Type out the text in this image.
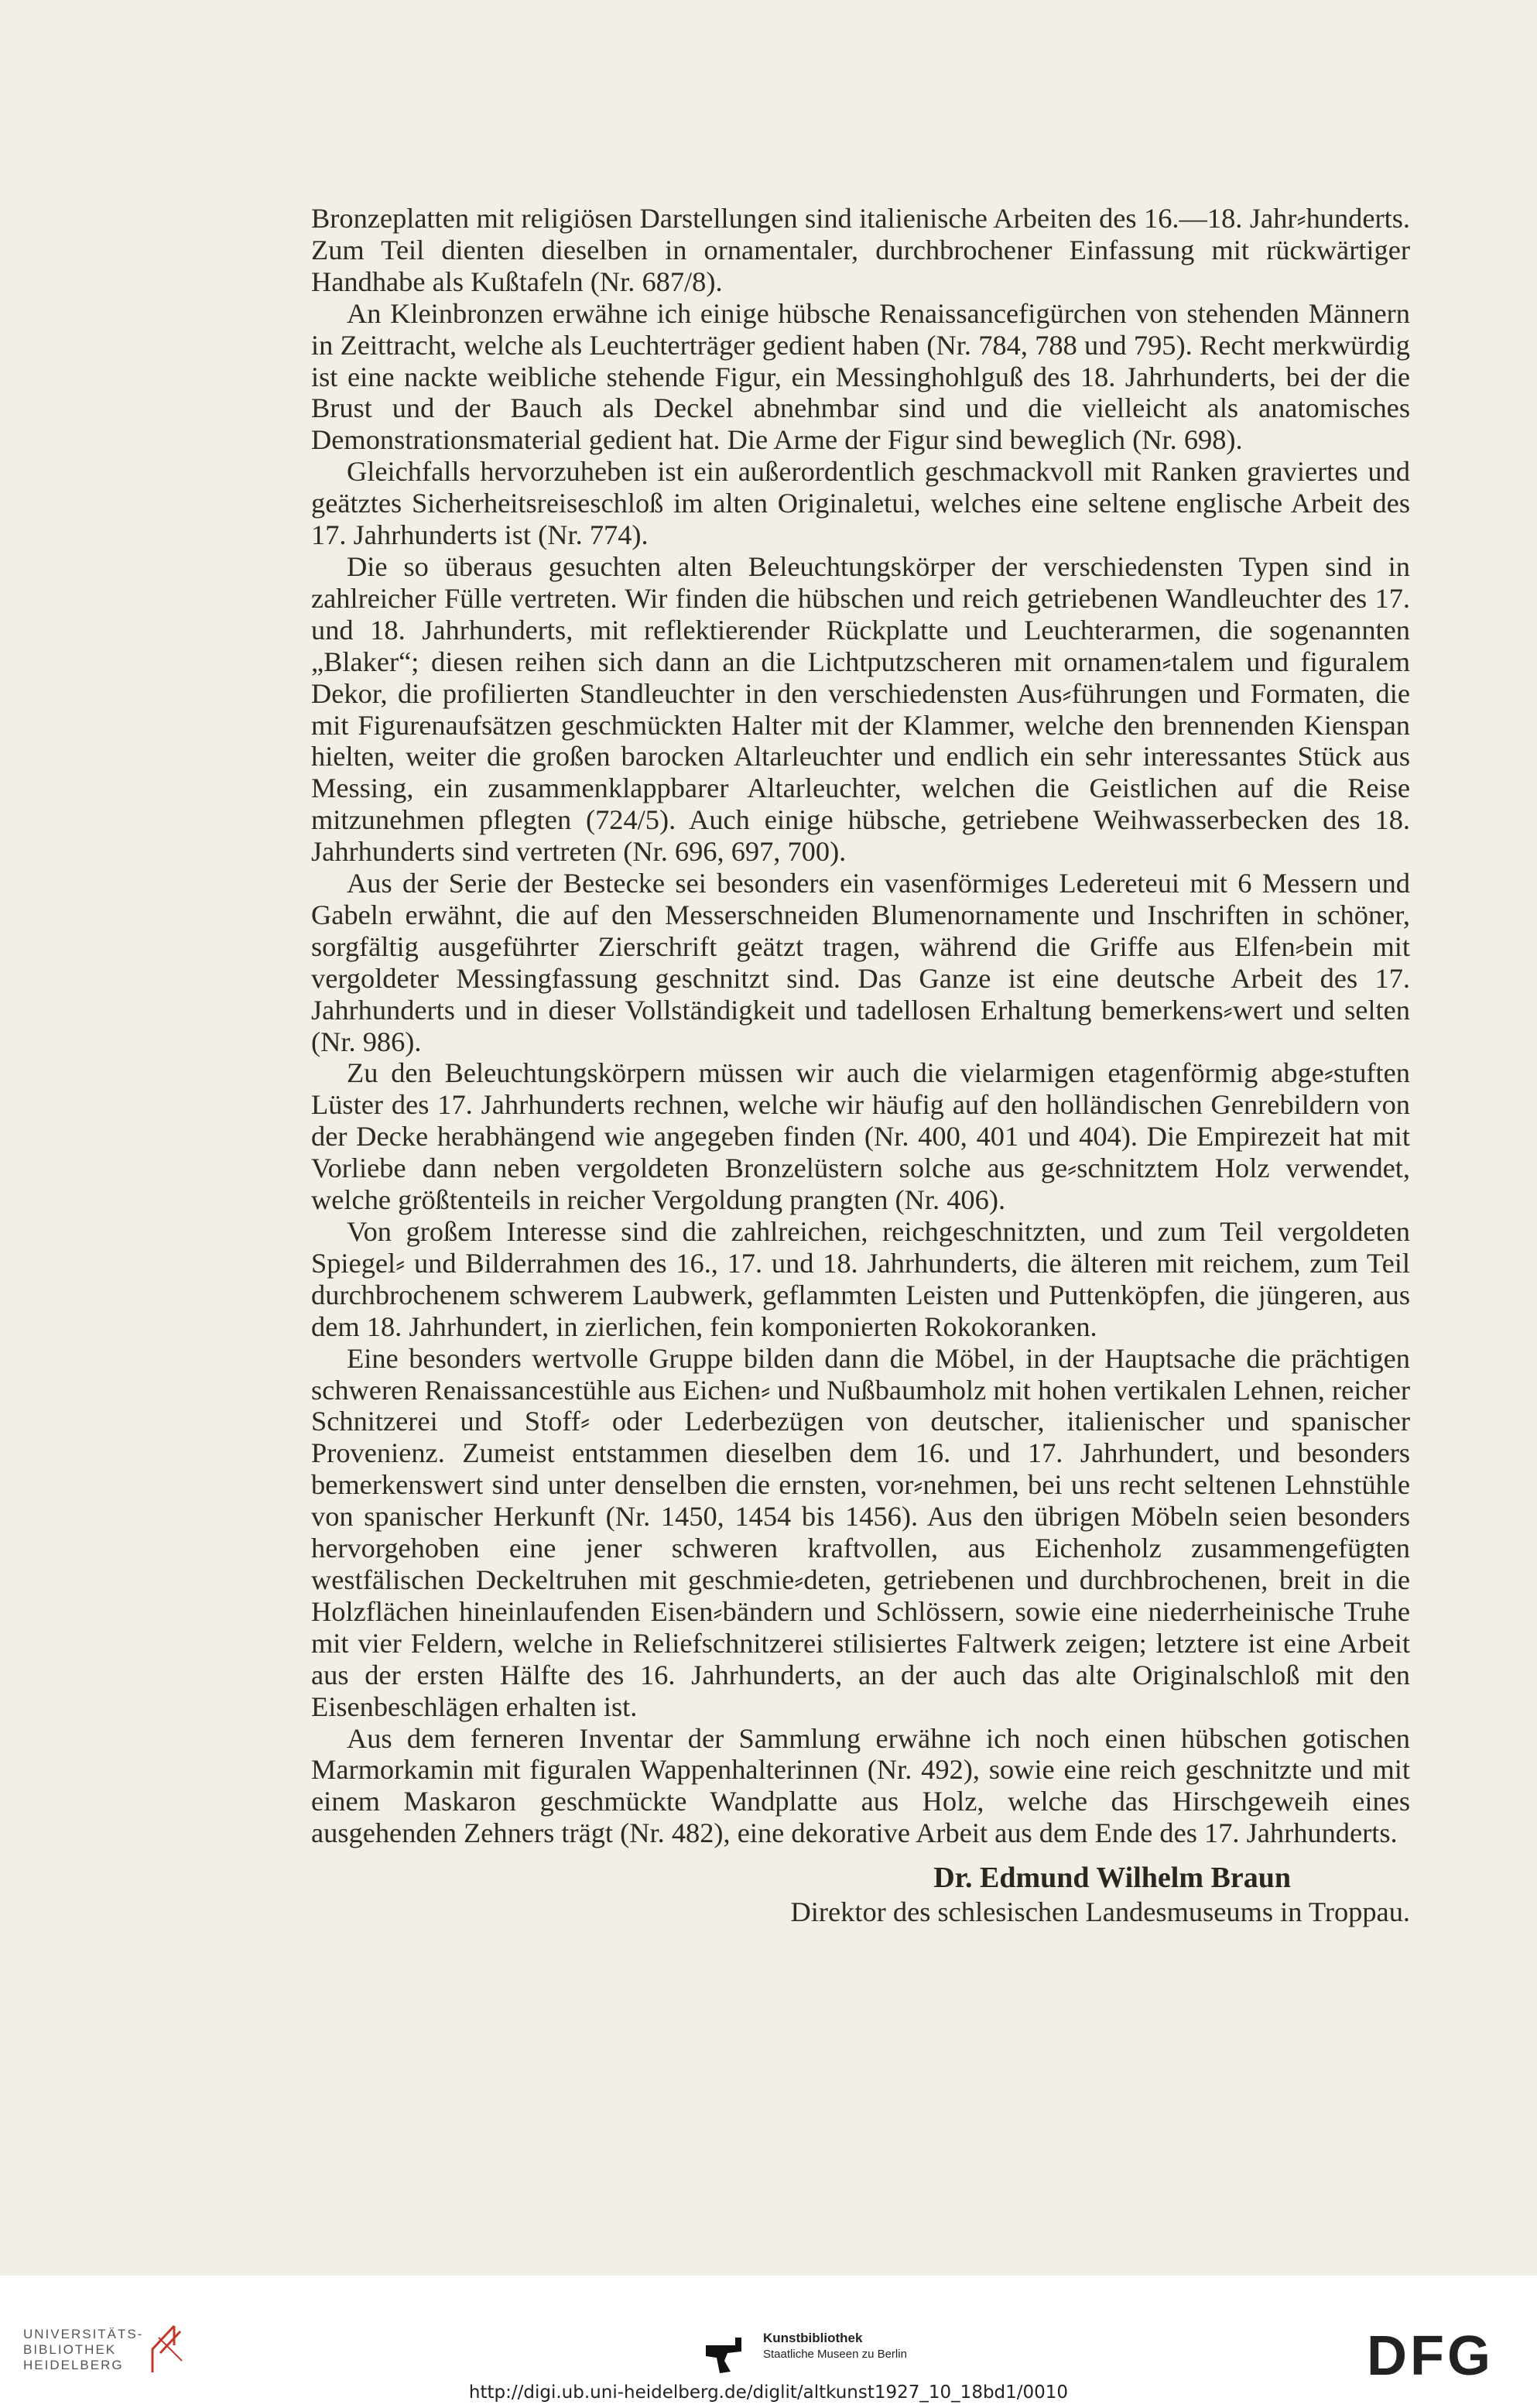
Bronzeplatten mit religiösen Darstellungen sind italienische Arbeiten des 16.—18. Jahr⸗hunderts. Zum Teil dienten dieselben in ornamentaler, durchbrochener Einfassung mit rückwärtiger Handhabe als Kußtafeln (Nr. 687/8).

An Kleinbronzen erwähne ich einige hübsche Renaissancefigürchen von stehenden Männern in Zeittracht, welche als Leuchterträger gedient haben (Nr. 784, 788 und 795). Recht merkwürdig ist eine nackte weibliche stehende Figur, ein Messinghohlguß des 18. Jahrhunderts, bei der die Brust und der Bauch als Deckel abnehmbar sind und die vielleicht als anatomisches Demonstrationsmaterial gedient hat. Die Arme der Figur sind beweglich (Nr. 698).

Gleichfalls hervorzuheben ist ein außerordentlich geschmackvoll mit Ranken graviertes und geätztes Sicherheitsreiseschloß im alten Originaletui, welches eine seltene englische Arbeit des 17. Jahrhunderts ist (Nr. 774).

Die so überaus gesuchten alten Beleuchtungskörper der verschiedensten Typen sind in zahlreicher Fülle vertreten. Wir finden die hübschen und reich getriebenen Wandleuchter des 17. und 18. Jahrhunderts, mit reflektierender Rückplatte und Leuchterarmen, die sogenannten „Blaker“; diesen reihen sich dann an die Lichtputzscheren mit ornamen⸗talem und figuralem Dekor, die profilierten Standleuchter in den verschiedensten Aus⸗führungen und Formaten, die mit Figurenaufsätzen geschmückten Halter mit der Klammer, welche den brennenden Kienspan hielten, weiter die großen barocken Altarleuchter und endlich ein sehr interessantes Stück aus Messing, ein zusammenklappbarer Altarleuchter, welchen die Geistlichen auf die Reise mitzunehmen pflegten (724/5). Auch einige hübsche, getriebene Weihwasserbecken des 18. Jahrhunderts sind vertreten (Nr. 696, 697, 700).

Aus der Serie der Bestecke sei besonders ein vasenförmiges Ledereteui mit 6 Messern und Gabeln erwähnt, die auf den Messerschneiden Blumenornamente und Inschriften in schöner, sorgfältig ausgeführter Zierschrift geätzt tragen, während die Griffe aus Elfen⸗bein mit vergoldeter Messingfassung geschnitzt sind. Das Ganze ist eine deutsche Arbeit des 17. Jahrhunderts und in dieser Vollständigkeit und tadellosen Erhaltung bemerkens⸗wert und selten (Nr. 986).

Zu den Beleuchtungskörpern müssen wir auch die vielarmigen etagenförmig abge⸗stuften Lüster des 17. Jahrhunderts rechnen, welche wir häufig auf den holländischen Genrebildern von der Decke herabhängend wie angegeben finden (Nr. 400, 401 und 404). Die Empirezeit hat mit Vorliebe dann neben vergoldeten Bronzelüstern solche aus ge⸗schnitztem Holz verwendet, welche größtenteils in reicher Vergoldung prangten (Nr. 406).

Von großem Interesse sind die zahlreichen, reichgeschnitzten, und zum Teil vergoldeten Spiegel⸗ und Bilderrahmen des 16., 17. und 18. Jahrhunderts, die älteren mit reichem, zum Teil durchbrochenem schwerem Laubwerk, geflammten Leisten und Puttenköpfen, die jüngeren, aus dem 18. Jahrhundert, in zierlichen, fein komponierten Rokokoranken.

Eine besonders wertvolle Gruppe bilden dann die Möbel, in der Hauptsache die prächtigen schweren Renaissancestühle aus Eichen⸗ und Nußbaumholz mit hohen vertikalen Lehnen, reicher Schnitzerei und Stoff⸗ oder Lederbezügen von deutscher, italienischer und spanischer Provenienz. Zumeist entstammen dieselben dem 16. und 17. Jahrhundert, und besonders bemerkenswert sind unter denselben die ernsten, vor⸗nehmen, bei uns recht seltenen Lehnstühle von spanischer Herkunft (Nr. 1450, 1454 bis 1456). Aus den übrigen Möbeln seien besonders hervorgehoben eine jener schweren kraftvollen, aus Eichenholz zusammengefügten westfälischen Deckeltruhen mit geschmie⸗deten, getriebenen und durchbrochenen, breit in die Holzflächen hineinlaufenden Eisen⸗bändern und Schlössern, sowie eine niederrheinische Truhe mit vier Feldern, welche in Reliefschnitzerei stilisiertes Faltwerk zeigen; letztere ist eine Arbeit aus der ersten Hälfte des 16. Jahrhunderts, an der auch das alte Originalschloß mit den Eisenbeschlägen erhalten ist.

Aus dem ferneren Inventar der Sammlung erwähne ich noch einen hübschen gotischen Marmorkamin mit figuralen Wappenhalterinnen (Nr. 492), sowie eine reich geschnitzte und mit einem Maskaron geschmückte Wandplatte aus Holz, welche das Hirschgeweih eines ausgehenden Zehners trägt (Nr. 482), eine dekorative Arbeit aus dem Ende des 17. Jahrhunderts.

Dr. Edmund Wilhelm Braun
Direktor des schlesischen Landesmuseums in Troppau.
UNIVERSITÄTS-
BIBLIOTHEK
HEIDELBERG
Kunstbibliothek
Staatliche Museen zu Berlin	DFG
http://digi.ub.uni-heidelberg.de/diglit/altkunst1927_10_18bd1/0010
